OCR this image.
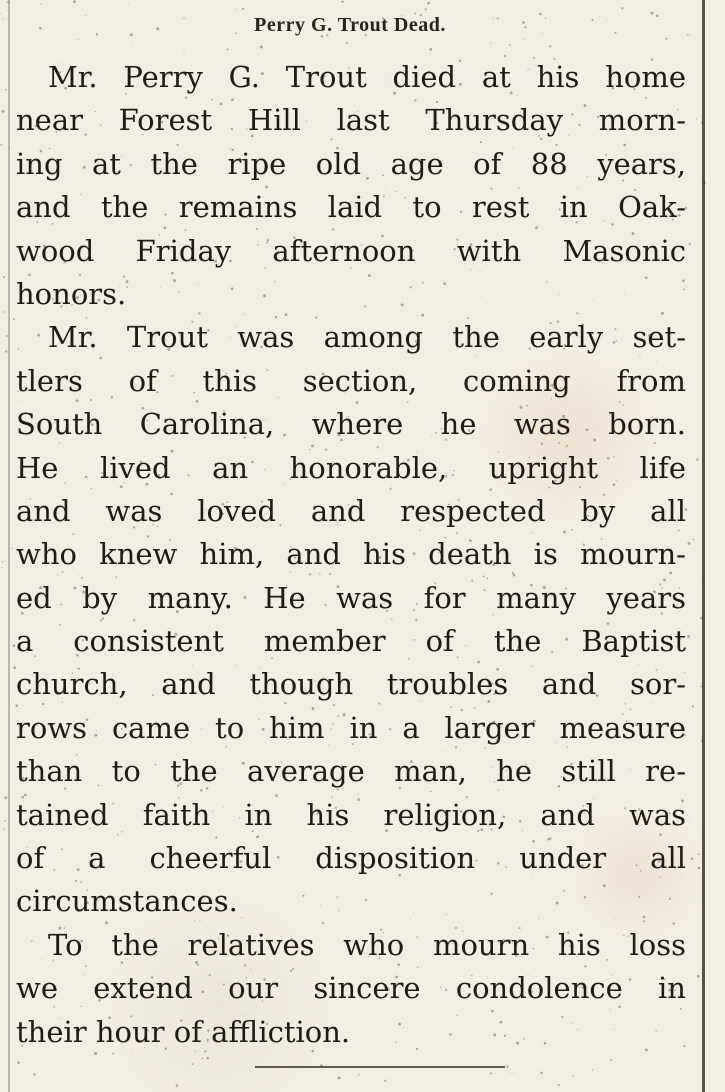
Perry G. Trout Dead.
Mr. Perry G. Trout died at his home
near Forest Hill last Thursday morn-
ing at the ripe old age of 88 years,
and the remains laid to rest in Oak-
wood Friday afternoon with Masonic
honors.
Mr. Trout was among the early set-
tlers of this section, coming from
South Carolina, where he was born.
He lived an honorable, upright life
and was loved and respected by all
who knew him, and his death is mourn-
ed by many. He was for many years
a consistent member of the Baptist
church, and though troubles and sor-
rows came to him in a larger measure
than to the average man, he still re-
tained faith in his religion, and was
of a cheerful disposition under all
circumstances.
To the relatives who mourn his loss
we extend our sincere condolence in
their hour of affliction.
